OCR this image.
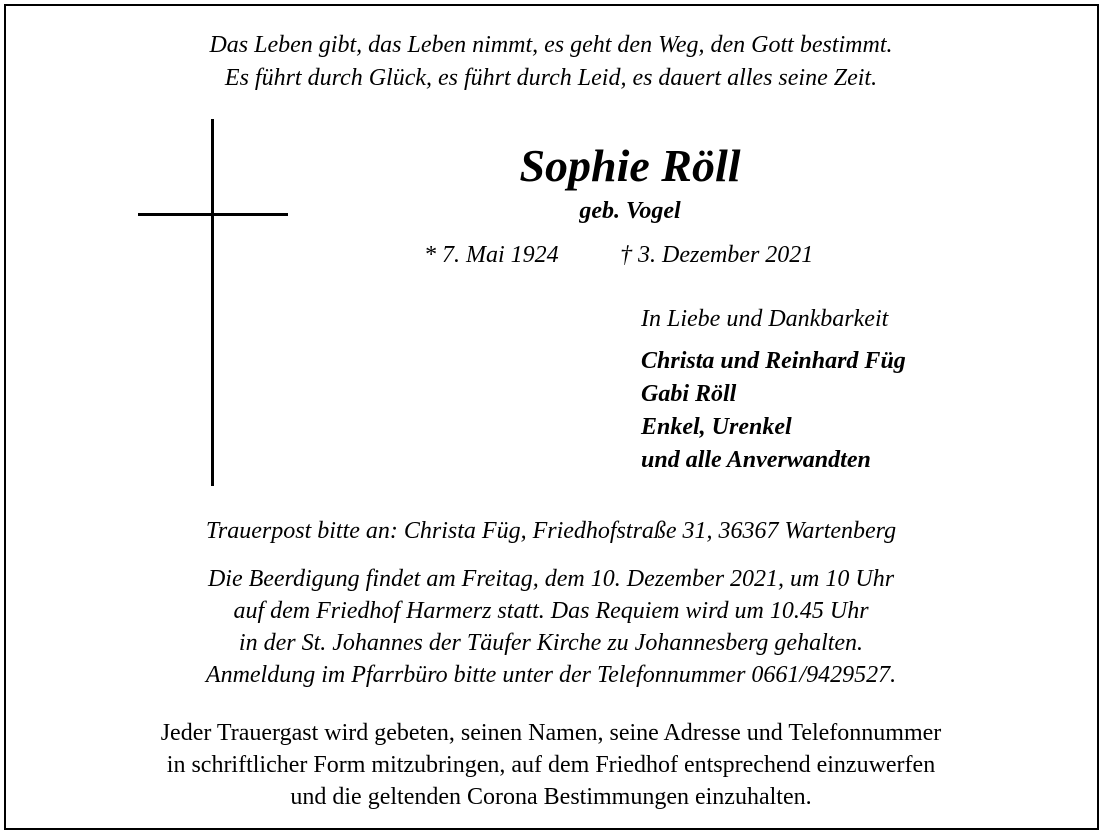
Das Leben gibt, das Leben nimmt, es geht den Weg, den Gott bestimmt.
Es führt durch Glück, es führt durch Leid, es dauert alles seine Zeit.
Sophie Röll
geb. Vogel
* 7. Mai 1924	† 3. Dezember 2021
In Liebe und Dankbarkeit
Christa und Reinhard Füg
Gabi Röll
Enkel, Urenkel
und alle Anverwandten
Trauerpost bitte an: Christa Füg, Friedhofstraße 31, 36367 Wartenberg
Die Beerdigung findet am Freitag, dem 10. Dezember 2021, um 10 Uhr
auf dem Friedhof Harmerz statt. Das Requiem wird um 10.45 Uhr
in der St. Johannes der Täufer Kirche zu Johannesberg gehalten.
Anmeldung im Pfarrbüro bitte unter der Telefonnummer 0661/9429527.
Jeder Trauergast wird gebeten, seinen Namen, seine Adresse und Telefonnummer
in schriftlicher Form mitzubringen, auf dem Friedhof entsprechend einzuwerfen
und die geltenden Corona Bestimmungen einzuhalten.
